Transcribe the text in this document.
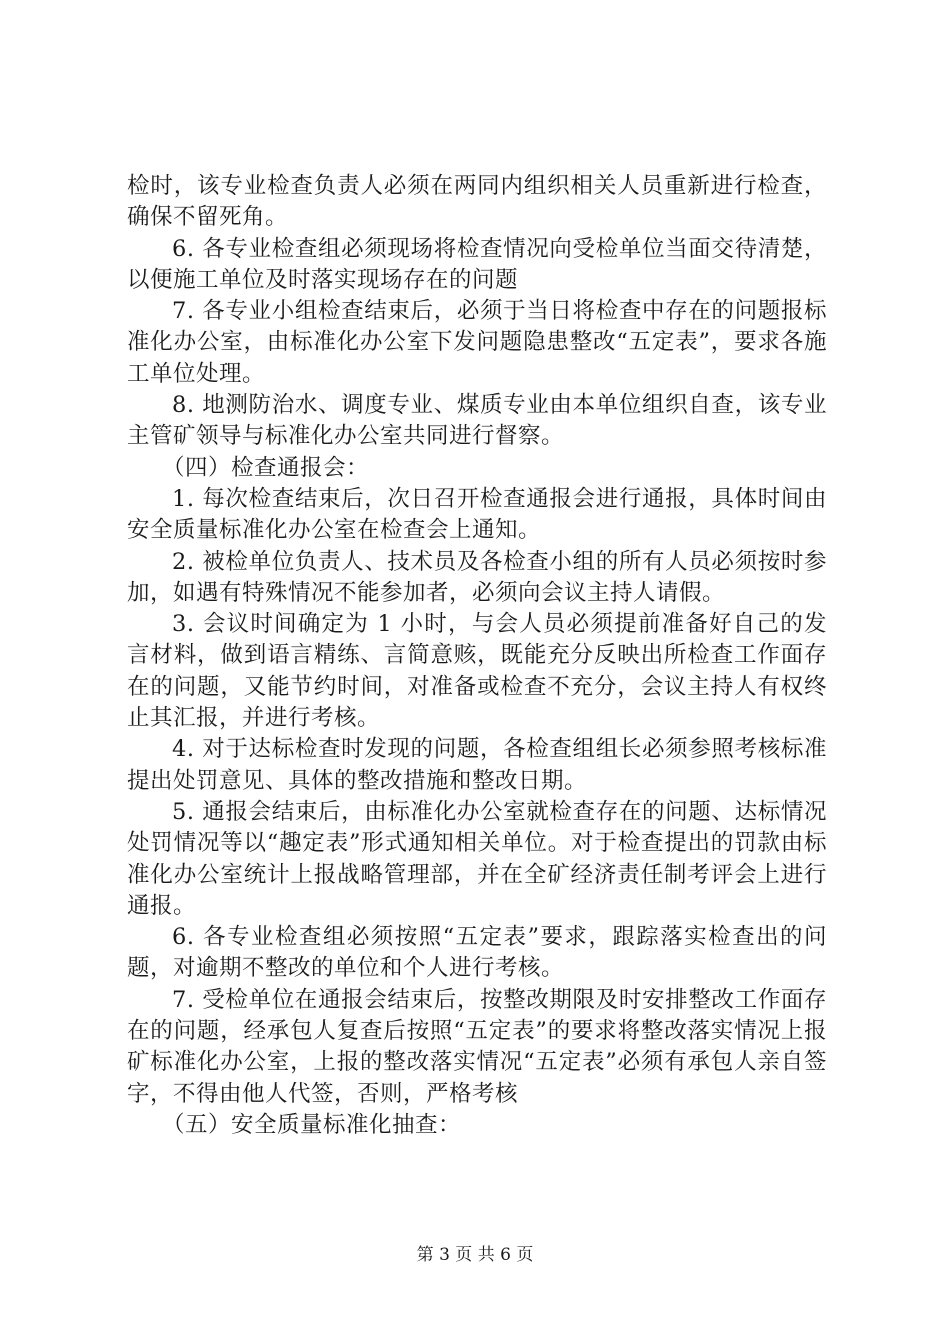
检时，该专业检查负责人必须在两同内组织相关人员重新进行检查，确保不留死角。

6. 各专业检查组必须现场将检查情况向受检单位当面交待清楚，以便施工单位及时落实现场存在的问题

7. 各专业小组检查结束后，必须于当日将检查中存在的问题报标准化办公室，由标准化办公室下发问题隐患整改“五定表”，要求各施工单位处理。

8. 地测防治水、调度专业、煤质专业由本单位组织自查，该专业主管矿领导与标准化办公室共同进行督察。

（四）检查通报会：

1. 每次检查结束后，次日召开检查通报会进行通报，具体时间由安全质量标准化办公室在检查会上通知。

2. 被检单位负责人、技术员及各检查小组的所有人员必须按时参加，如遇有特殊情况不能参加者，必须向会议主持人请假。

3. 会议时间确定为 1 小时，与会人员必须提前准备好自己的发言材料，做到语言精练、言简意赅，既能充分反映出所检查工作面存在的问题，又能节约时间，对准备或检查不充分，会议主持人有权终止其汇报，并进行考核。

4. 对于达标检查时发现的问题，各检查组组长必须参照考核标准提出处罚意见、具体的整改措施和整改日期。

5. 通报会结束后，由标准化办公室就检查存在的问题、达标情况处罚情况等以“趣定表”形式通知相关单位。对于检查提出的罚款由标准化办公室统计上报战略管理部，并在全矿经济责任制考评会上进行通报。

6. 各专业检查组必须按照“五定表”要求，跟踪落实检查出的问题，对逾期不整改的单位和个人进行考核。

7. 受检单位在通报会结束后，按整改期限及时安排整改工作面存在的问题，经承包人复查后按照“五定表”的要求将整改落实情况上报矿标准化办公室，上报的整改落实情况“五定表”必须有承包人亲自签字，不得由他人代签，否则，严格考核

（五）安全质量标准化抽查：

第 3 页 共 6 页
